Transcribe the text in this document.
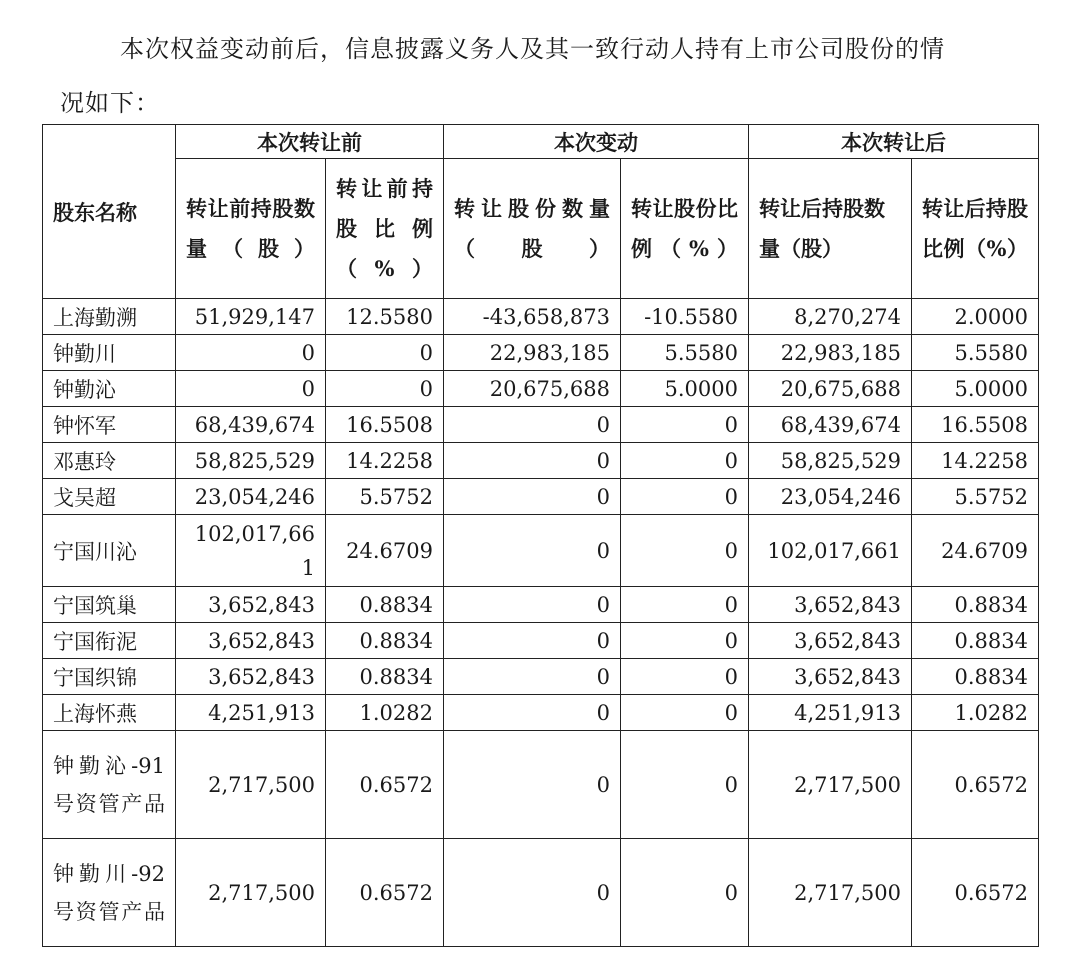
本次权益变动前后，信息披露义务人及其一致行动人持有上市公司股份的情
况如下：
股东名称	本次转让前		本次变动		本次转让后	
	转让前持股数量（股）	转让前持股比例（%）	转让股份数量（股）	转让股份比例（%）	转让后持股数量（股）	转让后持股比例（%）
上海勤溯	51,929,147	12.5580	-43,658,873	-10.5580	8,270,274	2.0000
钟勤川	0	0	22,983,185	5.5580	22,983,185	5.5580
钟勤沁	0	0	20,675,688	5.0000	20,675,688	5.0000
钟怀军	68,439,674	16.5508	0	0	68,439,674	16.5508
邓惠玲	58,825,529	14.2258	0	0	58,825,529	14.2258
戈吴超	23,054,246	5.5752	0	0	23,054,246	5.5752
宁国川沁	102,017,661	24.6709	0	0	102,017,661	24.6709
宁国筑巢	3,652,843	0.8834	0	0	3,652,843	0.8834
宁国衔泥	3,652,843	0.8834	0	0	3,652,843	0.8834
宁国织锦	3,652,843	0.8834	0	0	3,652,843	0.8834
上海怀燕	4,251,913	1.0282	0	0	4,251,913	1.0282
钟勤沁-91号资管产品	2,717,500	0.6572	0	0	2,717,500	0.6572
钟勤川-92号资管产品	2,717,500	0.6572	0	0	2,717,500	0.6572
